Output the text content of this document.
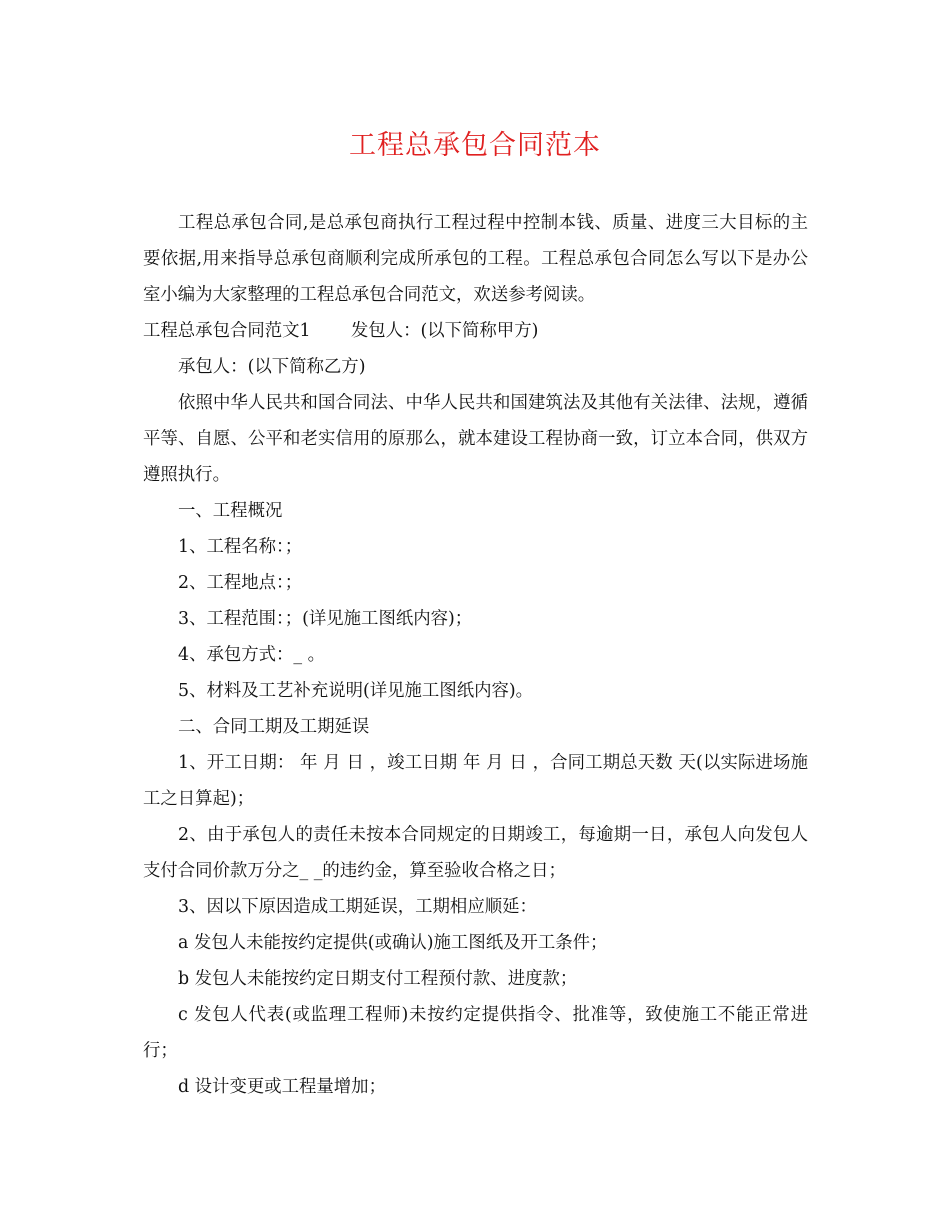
工程总承包合同范本

工程总承包合同,是总承包商执行工程过程中控制本钱、质量、进度三大目标的主要依据,用来指导总承包商顺利完成所承包的工程。工程总承包合同怎么写以下是办公室小编为大家整理的工程总承包合同范文，欢送参考阅读。

工程总承包合同范文1　　 发包人：(以下简称甲方)

承包人：(以下简称乙方)

依照中华人民共和国合同法、中华人民共和国建筑法及其他有关法律、法规，遵循平等、自愿、公平和老实信用的原那么，就本建设工程协商一致，订立本合同，供双方遵照执行。

一、工程概况

1、工程名称：；

2、工程地点：；

3、工程范围：；(详见施工图纸内容)；

4、承包方式：_ 。

5、材料及工艺补充说明(详见施工图纸内容)。

二、合同工期及工期延误

1、开工日期： 年 月 日 ，竣工日期 年 月 日 ，合同工期总天数 天(以实际进场施工之日算起)；

2、由于承包人的责任未按本合同规定的日期竣工，每逾期一日，承包人向发包人支付合同价款万分之_ _的违约金，算至验收合格之日；

3、因以下原因造成工期延误，工期相应顺延：

a 发包人未能按约定提供(或确认)施工图纸及开工条件；

b 发包人未能按约定日期支付工程预付款、进度款；

c 发包人代表(或监理工程师)未按约定提供指令、批准等，致使施工不能正常进行；

d 设计变更或工程量增加；
